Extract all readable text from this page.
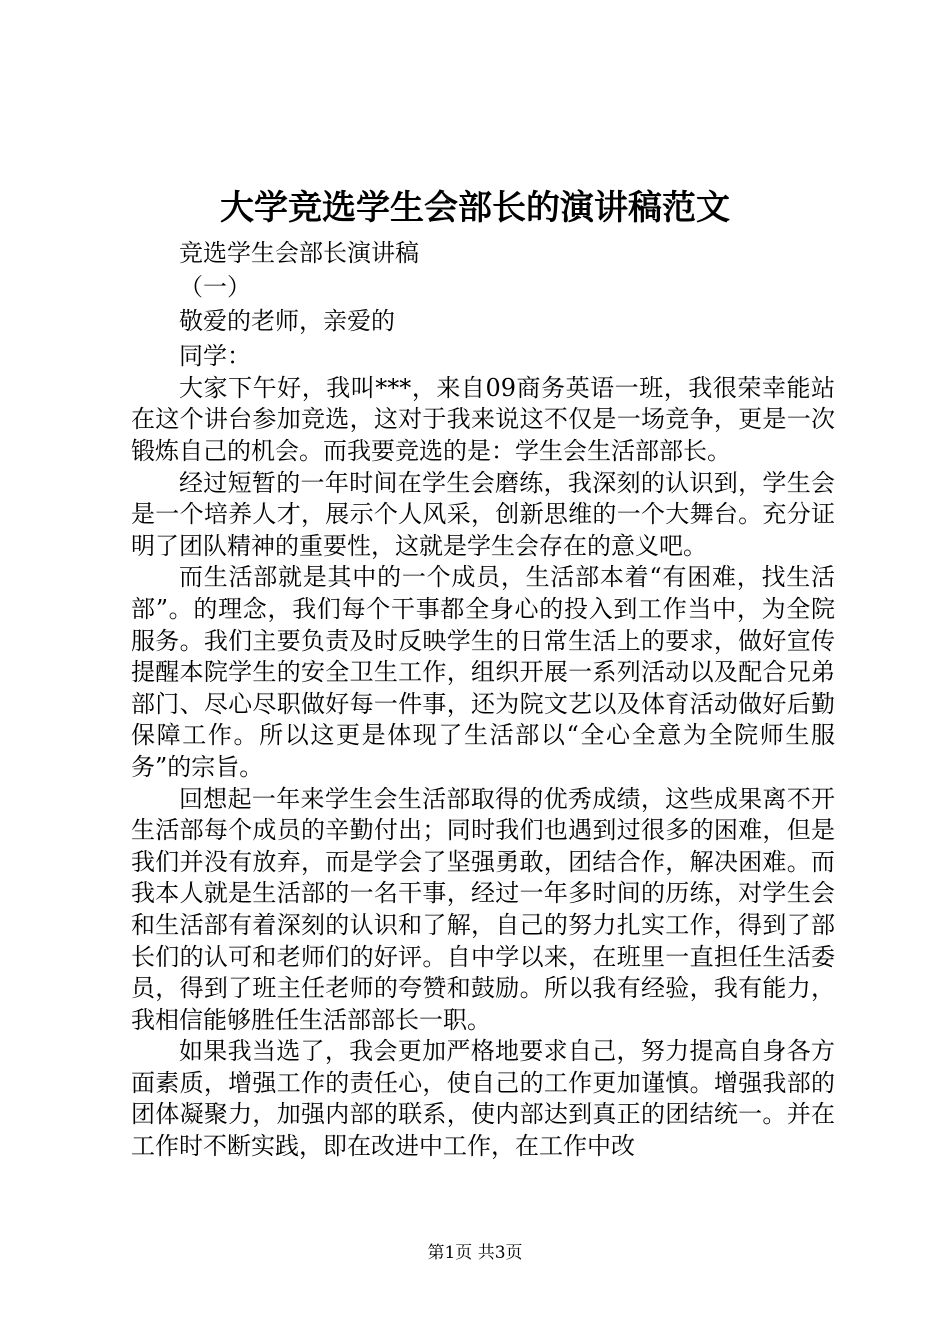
大学竞选学生会部长的演讲稿范文

竞选学生会部长演讲稿

（一）

敬爱的老师，亲爱的

同学：

大家下午好，我叫***，来自09商务英语一班，我很荣幸能站在这个讲台参加竞选，这对于我来说这不仅是一场竞争，更是一次锻炼自己的机会。而我要竞选的是：学生会生活部部长。

经过短暂的一年时间在学生会磨练，我深刻的认识到，学生会是一个培养人才，展示个人风采，创新思维的一个大舞台。充分证明了团队精神的重要性，这就是学生会存在的意义吧。

而生活部就是其中的一个成员，生活部本着“有困难，找生活部”。的理念，我们每个干事都全身心的投入到工作当中，为全院服务。我们主要负责及时反映学生的日常生活上的要求，做好宣传提醒本院学生的安全卫生工作，组织开展一系列活动以及配合兄弟部门、尽心尽职做好每一件事，还为院文艺以及体育活动做好后勤保障工作。所以这更是体现了生活部以“全心全意为全院师生服务”的宗旨。

回想起一年来学生会生活部取得的优秀成绩，这些成果离不开生活部每个成员的辛勤付出；同时我们也遇到过很多的困难，但是我们并没有放弃，而是学会了坚强勇敢，团结合作，解决困难。而我本人就是生活部的一名干事，经过一年多时间的历练，对学生会和生活部有着深刻的认识和了解，自己的努力扎实工作，得到了部长们的认可和老师们的好评。自中学以来，在班里一直担任生活委员，得到了班主任老师的夸赞和鼓励。所以我有经验，我有能力，我相信能够胜任生活部部长一职。

如果我当选了，我会更加严格地要求自己，努力提高自身各方面素质，增强工作的责任心，使自己的工作更加谨慎。增强我部的团体凝聚力，加强内部的联系，使内部达到真正的团结统一。并在工作时不断实践，即在改进中工作，在工作中改

第1页 共3页
